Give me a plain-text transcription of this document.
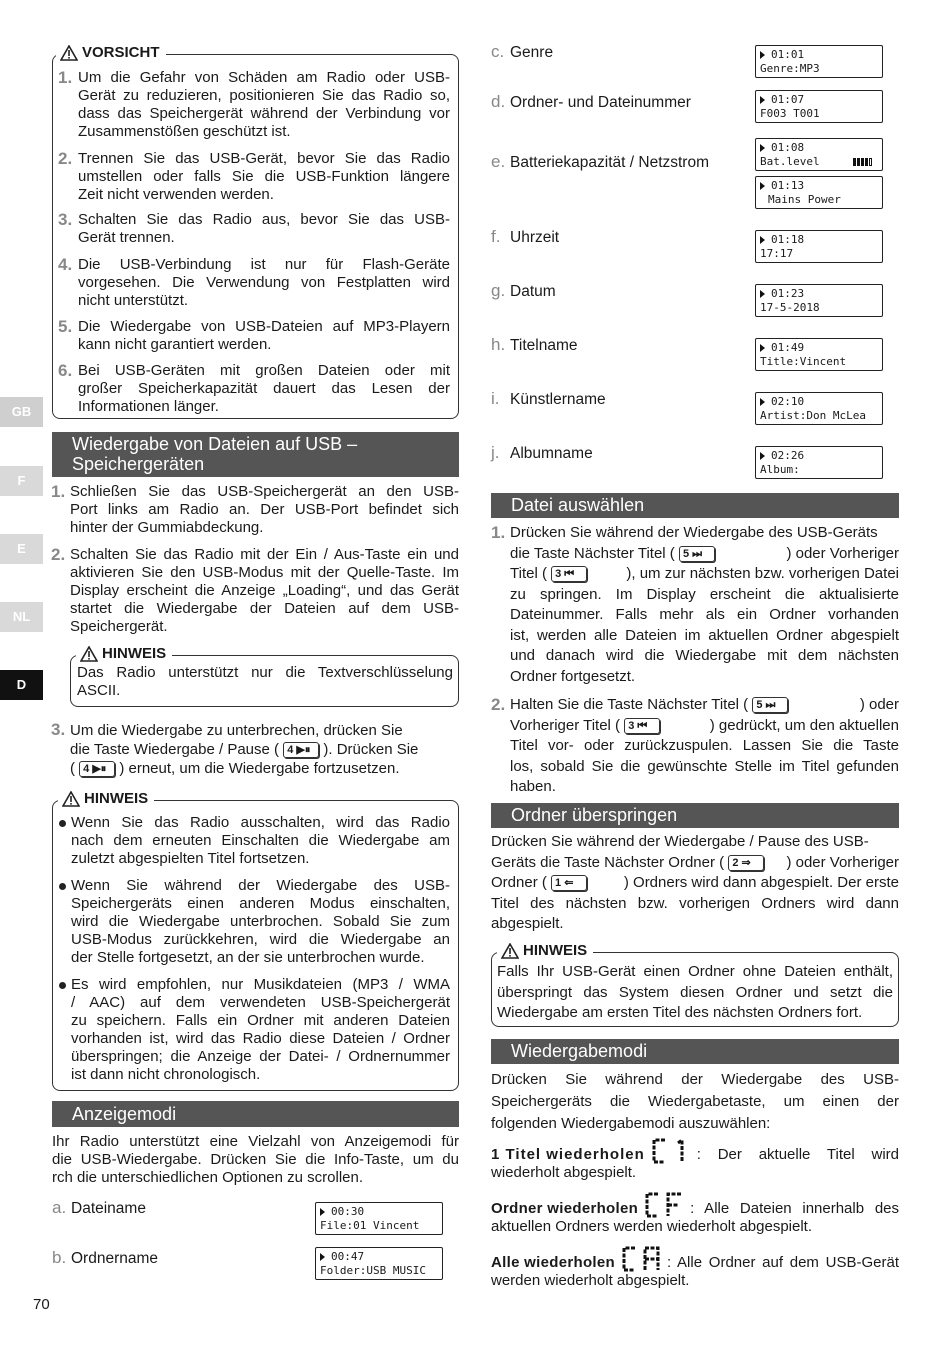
GB
F
E
NL
D
VORSICHT
1. Um die Gefahr von Schäden am Radio oder USB-
Gerät zu reduzieren, positionieren Sie das Radio so,
dass das Speichergerät während der Verbindung vor
Zusammenstößen geschützt ist.
2. Trennen Sie das USB-Gerät, bevor Sie das Radio
umstellen oder falls Sie die USB-Funktion längere
Zeit nicht verwenden werden.
3. Schalten Sie das Radio aus, bevor Sie das USB-
Gerät trennen.
4. Die USB-Verbindung ist nur für Flash-Geräte
vorgesehen. Die Verwendung von Festplatten wird
nicht unterstützt.
5. Die Wiedergabe von USB-Dateien auf MP3-Playern
kann nicht garantiert werden.
6. Bei USB-Geräten mit großen Dateien oder mit
großer Speicherkapazität dauert das Lesen der
Informationen länger.
Wiedergabe von Dateien auf USB –
Speichergeräten
1. Schließen Sie das USB-Speichergerät an den USB-
Port links am Radio an. Der USB-Port befindet sich
hinter der Gummiabdeckung.
2. Schalten Sie das Radio mit der Ein / Aus-Taste ein und
aktivieren Sie den USB-Modus mit der Quelle-Taste. Im
Display erscheint die Anzeige „Loading“, und das Gerät
startet die Wiedergabe der Dateien auf dem USB-
Speichergerät.
HINWEIS
Das Radio unterstützt nur die Textverschlüsselung
ASCII.
3. Um die Wiedergabe zu unterbrechen, drücken Sie
die Taste Wiedergabe / Pause ( 4 ▶⏸ ). Drücken Sie
( 4 ▶⏸ ) erneut, um die Wiedergabe fortzusetzen.
HINWEIS
Wenn Sie das Radio ausschalten, wird das Radio
nach dem erneuten Einschalten die Wiedergabe am
zuletzt abgespielten Titel fortsetzen.
Wenn Sie während der Wiedergabe des USB-
Speichergeräts einen anderen Modus einschalten,
wird die Wiedergabe unterbrochen. Sobald Sie zum
USB-Modus zurückkehren, wird die Wiedergabe an
der Stelle fortgesetzt, an der sie unterbrochen wurde.
Es wird empfohlen, nur Musikdateien (MP3 / WMA
/ AAC) auf dem verwendeten USB-Speichergerät
zu speichern. Falls ein Ordner mit anderen Dateien
vorhanden ist, wird das Radio diese Dateien / Ordner
überspringen; die Anzeige der Datei- / Ordnernummer
ist dann nicht chronologisch.
Anzeigemodi
Ihr Radio unterstützt eine Vielzahl von Anzeigemodi für
die USB-Wiedergabe. Drücken Sie die Info-Taste, um du
rch die unterschiedlichen Optionen zu scrollen.
a. Dateiname	00:30
File:01 Vincent
b. Ordnername	00:47
Folder:USB MUSIC
c. Genre	01:01
Genre:MP3
d. Ordner- und Dateinummer	01:07
F003 T001
e. Batteriekapazität / Netzstrom
01:08
Bat.level
01:13
Mains Power
f. Uhrzeit	01:18
17:17
g. Datum	01:23
17-5-2018
h. Titelname	01:49
Title:Vincent
i. Künstlername	02:10
Artist:Don McLea
j. Albumname	02:26
Album:
70
Datei auswählen
1. Drücken Sie während der Wiedergabe des USB-Geräts
die Taste Nächster Titel ( 5 ⏭	) oder Vorheriger
Titel ( 3 ⏮	), um zur nächsten bzw. vorherigen Datei
zu springen. Im Display erscheint die aktualisierte
Dateinummer. Falls mehr als ein Ordner vorhanden
ist, werden alle Dateien im aktuellen Ordner abgespielt
und danach wird die Wiedergabe mit dem nächsten
Ordner fortgesetzt.
2. Halten Sie die Taste Nächster Titel ( 5 ⏭	) oder
Vorheriger Titel ( 3 ⏮	) gedrückt, um den aktuellen
Titel vor- oder zurückzuspulen. Lassen Sie die Taste
los, sobald Sie die gewünschte Stelle im Titel gefunden
haben.
Ordner überspringen
Drücken Sie während der Wiedergabe / Pause des USB-
Geräts die Taste Nächster Ordner ( 2 ⇒	) oder Vorheriger
Ordner ( 1 ⇐	) Ordners wird dann abgespielt. Der erste
Titel des nächsten bzw. vorherigen Ordners wird dann
abgespielt.
HINWEIS
Falls Ihr USB-Gerät einen Ordner ohne Dateien enthält,
überspringt das System diesen Ordner und setzt die
Wiedergabe am ersten Titel des nächsten Ordners fort.
Wiedergabemodi
Drücken Sie während der Wiedergabe des USB-
Speichergeräts die Wiedergabetaste, um einen der
folgenden Wiedergabemodi auszuwählen:
1 Titel wiederholen	: Der aktuelle Titel wird
wiederholt abgespielt.
Ordner wiederholen	: Alle Dateien innerhalb des
aktuellen Ordners werden wiederholt abgespielt.
Alle wiederholen	: Alle Ordner auf dem USB-Gerät
werden wiederholt abgespielt.
